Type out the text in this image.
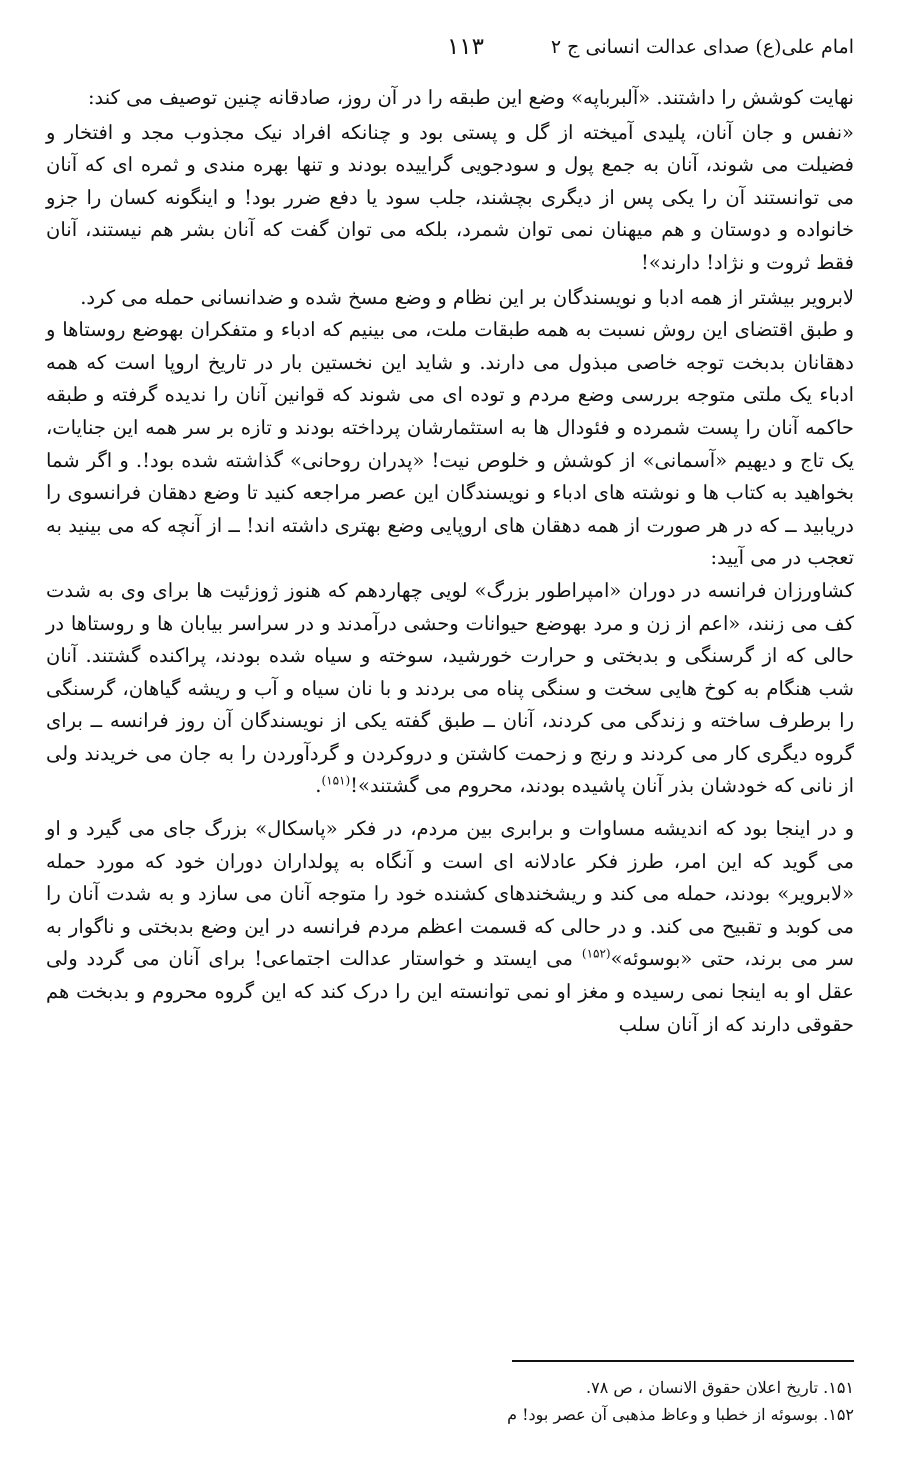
امام علی(ع) صدای عدالت انسانی ج ۲
۱۱۳

نهایت کوشش را داشتند. «آلبرباپه» وضع این طبقه را در آن روز، صادقانه چنین توصیف می کند:

«نفس و جان آنان، پلیدی آمیخته از گل و پستی بود و چنانکه افراد نیک مجذوب مجد و افتخار و فضیلت می شوند، آنان به جمع پول و سودجویی گراییده بودند و تنها بهره مندی و ثمره ای که آنان می توانستند آن را یکی پس از دیگری بچشند، جلب سود یا دفع ضرر بود! و اینگونه کسان را جزو خانواده و دوستان و هم میهنان نمی توان شمرد، بلکه می توان گفت که آنان بشر هم نیستند، آنان فقط ثروت و نژاد! دارند»!

لابرویر بیشتر از همه ادبا و نویسندگان بر این نظام و وضع مسخ شده و ضدانسانی حمله می کرد.

و طبق اقتضای این روش نسبت به همه طبقات ملت، می بینیم که ادباء و متفکران بهوضع روستاها و دهقانان بدبخت توجه خاصی مبذول می دارند. و شاید این نخستین بار در تاریخ اروپا است که همه ادباء یک ملتی متوجه بررسی وضع مردم و توده ای می شوند که قوانین آنان را ندیده گرفته و طبقه حاکمه آنان را پست شمرده و فئودال ها به استثمارشان پرداخته بودند و تازه بر سر همه این جنایات، یک تاج و دیهیم «آسمانی» از کوشش و خلوص نیت! «پدران روحانی» گذاشته شده بود!. و اگر شما بخواهید به کتاب ها و نوشته های ادباء و نویسندگان این عصر مراجعه کنید تا وضع دهقان فرانسوی را دریابید ــ که در هر صورت از همه دهقان های اروپایی وضع بهتری داشته اند! ــ از آنچه که می بینید به تعجب در می آیید:

کشاورزان فرانسه در دوران «امپراطور بزرگ» لویی چهاردهم که هنوز ژوزئیت ها برای وی به شدت کف می زنند، «اعم از زن و مرد بهوضع حیوانات وحشی درآمدند و در سراسر بیابان ها و روستاها در حالی که از گرسنگی و بدبختی و حرارت خورشید، سوخته و سیاه شده بودند، پراکنده گشتند. آنان شب هنگام به کوخ هایی سخت و سنگی پناه می بردند و با نان سیاه و آب و ریشه گیاهان، گرسنگی را برطرف ساخته و زندگی می کردند، آنان ــ طبق گفته یکی از نویسندگان آن روز فرانسه ــ برای گروه دیگری کار می کردند و رنج و زحمت کاشتن و دروکردن و گردآوردن را به جان می خریدند ولی از نانی که خودشان بذر آنان پاشیده بودند، محروم می گشتند»!$^{(۱۵۱)}$.

و در اینجا بود که اندیشه مساوات و برابری بین مردم، در فکر «پاسکال» بزرگ جای می گیرد و او می گوید که این امر، طرز فکر عادلانه ای است و آنگاه به پولداران دوران خود که مورد حمله «لابرویر» بودند، حمله می کند و ریشخندهای کشنده خود را متوجه آنان می سازد و به شدت آنان را می کوبد و تقبیح می کند. و در حالی که قسمت اعظم مردم فرانسه در این وضع بدبختی و ناگوار به سر می برند، حتی «بوسوئه»$^{(۱۵۲)}$ می ایستد و خواستار عدالت اجتماعی! برای آنان می گردد ولی عقل او به اینجا نمی رسیده و مغز او نمی توانسته این را درک کند که این گروه محروم و بدبخت هم حقوقی دارند که از آنان سلب

۱۵۱. تاریخ اعلان حقوق الانسان ، ص ۷۸.

۱۵۲. بوسوئه از خطبا و وعاظ مذهبی آن عصر بود! م
